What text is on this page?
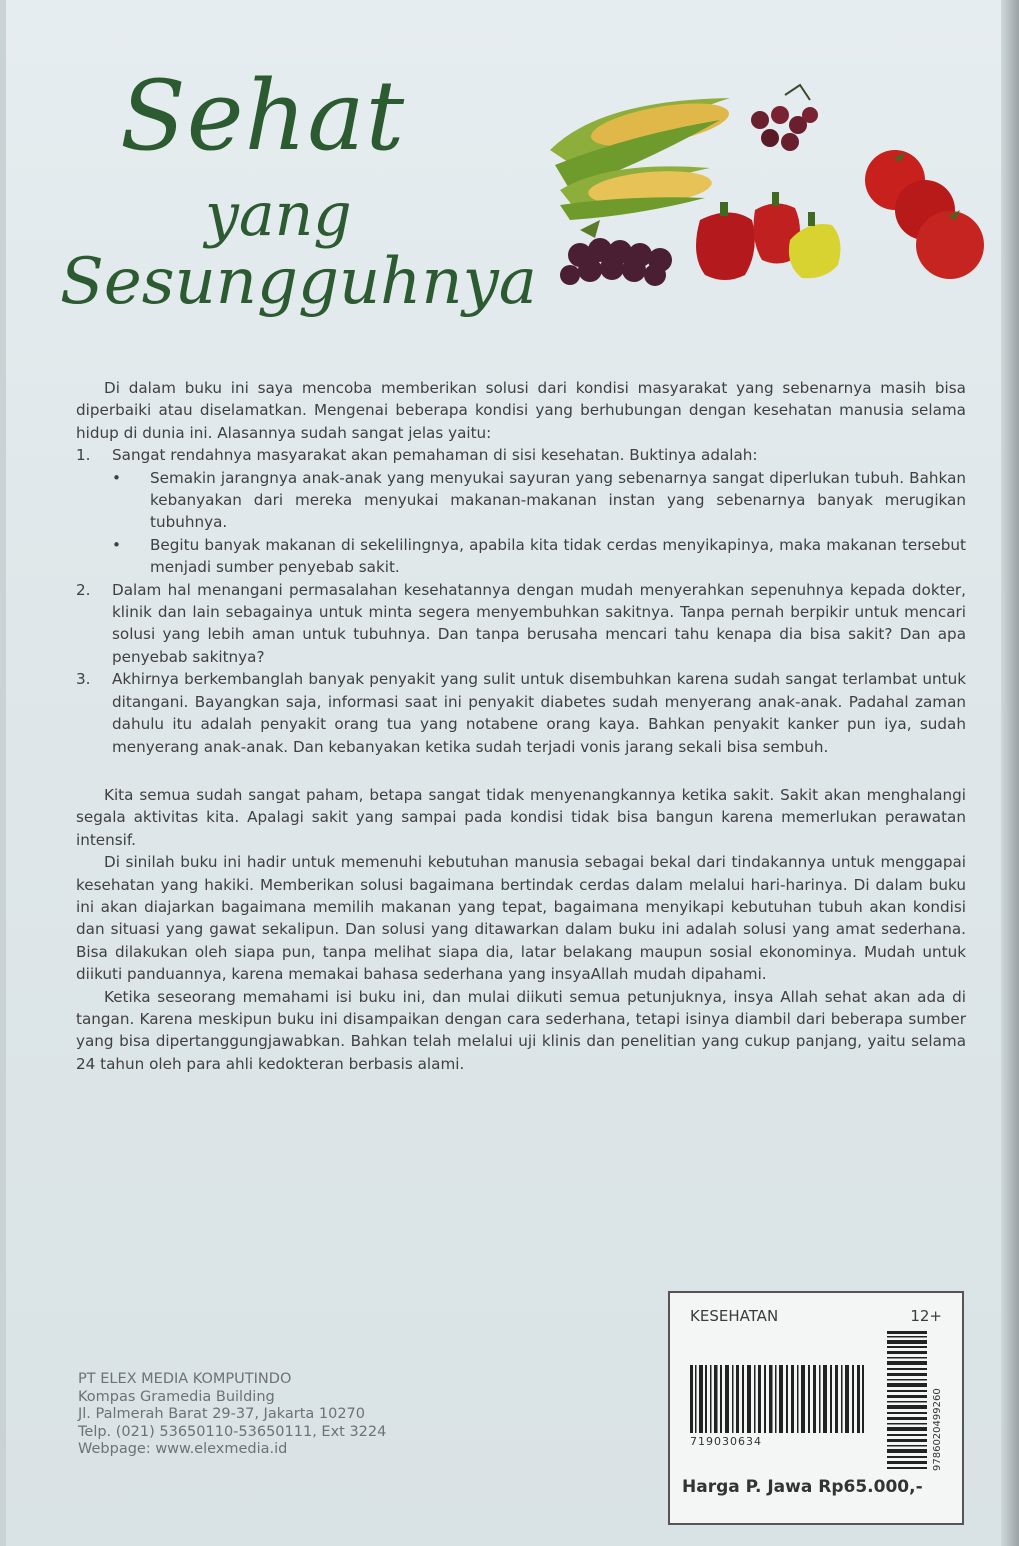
Sehat
yang
Sesungguhnya

Di dalam buku ini saya mencoba memberikan solusi dari kondisi masyarakat yang sebenarnya masih bisa diperbaiki atau diselamatkan. Mengenai beberapa kondisi yang berhubungan dengan kesehatan manusia selama hidup di dunia ini. Alasannya sudah sangat jelas yaitu:

1. Sangat rendahnya masyarakat akan pemahaman di sisi kesehatan. Buktinya adalah:
• Semakin jarangnya anak-anak yang menyukai sayuran yang sebenarnya sangat diperlukan tubuh. Bahkan kebanyakan dari mereka menyukai makanan-makanan instan yang sebenarnya banyak merugikan tubuhnya.
• Begitu banyak makanan di sekelilingnya, apabila kita tidak cerdas menyikapinya, maka makanan tersebut menjadi sumber penyebab sakit.
2. Dalam hal menangani permasalahan kesehatannya dengan mudah menyerahkan sepenuhnya kepada dokter, klinik dan lain sebagainya untuk minta segera menyembuhkan sakitnya. Tanpa pernah berpikir untuk mencari solusi yang lebih aman untuk tubuhnya. Dan tanpa berusaha mencari tahu kenapa dia bisa sakit? Dan apa penyebab sakitnya?
3. Akhirnya berkembanglah banyak penyakit yang sulit untuk disembuhkan karena sudah sangat terlambat untuk ditangani. Bayangkan saja, informasi saat ini penyakit diabetes sudah menyerang anak-anak. Padahal zaman dahulu itu adalah penyakit orang tua yang notabene orang kaya. Bahkan penyakit kanker pun iya, sudah menyerang anak-anak. Dan kebanyakan ketika sudah terjadi vonis jarang sekali bisa sembuh.

Kita semua sudah sangat paham, betapa sangat tidak menyenangkannya ketika sakit. Sakit akan menghalangi segala aktivitas kita. Apalagi sakit yang sampai pada kondisi tidak bisa bangun karena memerlukan perawatan intensif.

Di sinilah buku ini hadir untuk memenuhi kebutuhan manusia sebagai bekal dari tindakannya untuk menggapai kesehatan yang hakiki. Memberikan solusi bagaimana bertindak cerdas dalam melalui hari-harinya. Di dalam buku ini akan diajarkan bagaimana memilih makanan yang tepat, bagaimana menyikapi kebutuhan tubuh akan kondisi dan situasi yang gawat sekalipun. Dan solusi yang ditawarkan dalam buku ini adalah solusi yang amat sederhana. Bisa dilakukan oleh siapa pun, tanpa melihat siapa dia, latar belakang maupun sosial ekonominya. Mudah untuk diikuti panduannya, karena memakai bahasa sederhana yang insyaAllah mudah dipahami.

Ketika seseorang memahami isi buku ini, dan mulai diikuti semua petunjuknya, insya Allah sehat akan ada di tangan. Karena meskipun buku ini disampaikan dengan cara sederhana, tetapi isinya diambil dari beberapa sumber yang bisa dipertanggungjawabkan. Bahkan telah melalui uji klinis dan penelitian yang cukup panjang, yaitu selama 24 tahun oleh para ahli kedokteran berbasis alami.

PT ELEX MEDIA KOMPUTINDO
Kompas Gramedia Building
Jl. Palmerah Barat 29-37, Jakarta 10270
Telp. (021) 53650110-53650111, Ext 3224
Webpage: www.elexmedia.id
KESEHATAN	12+
719030634	9786020499260
Harga P. Jawa Rp65.000,-
